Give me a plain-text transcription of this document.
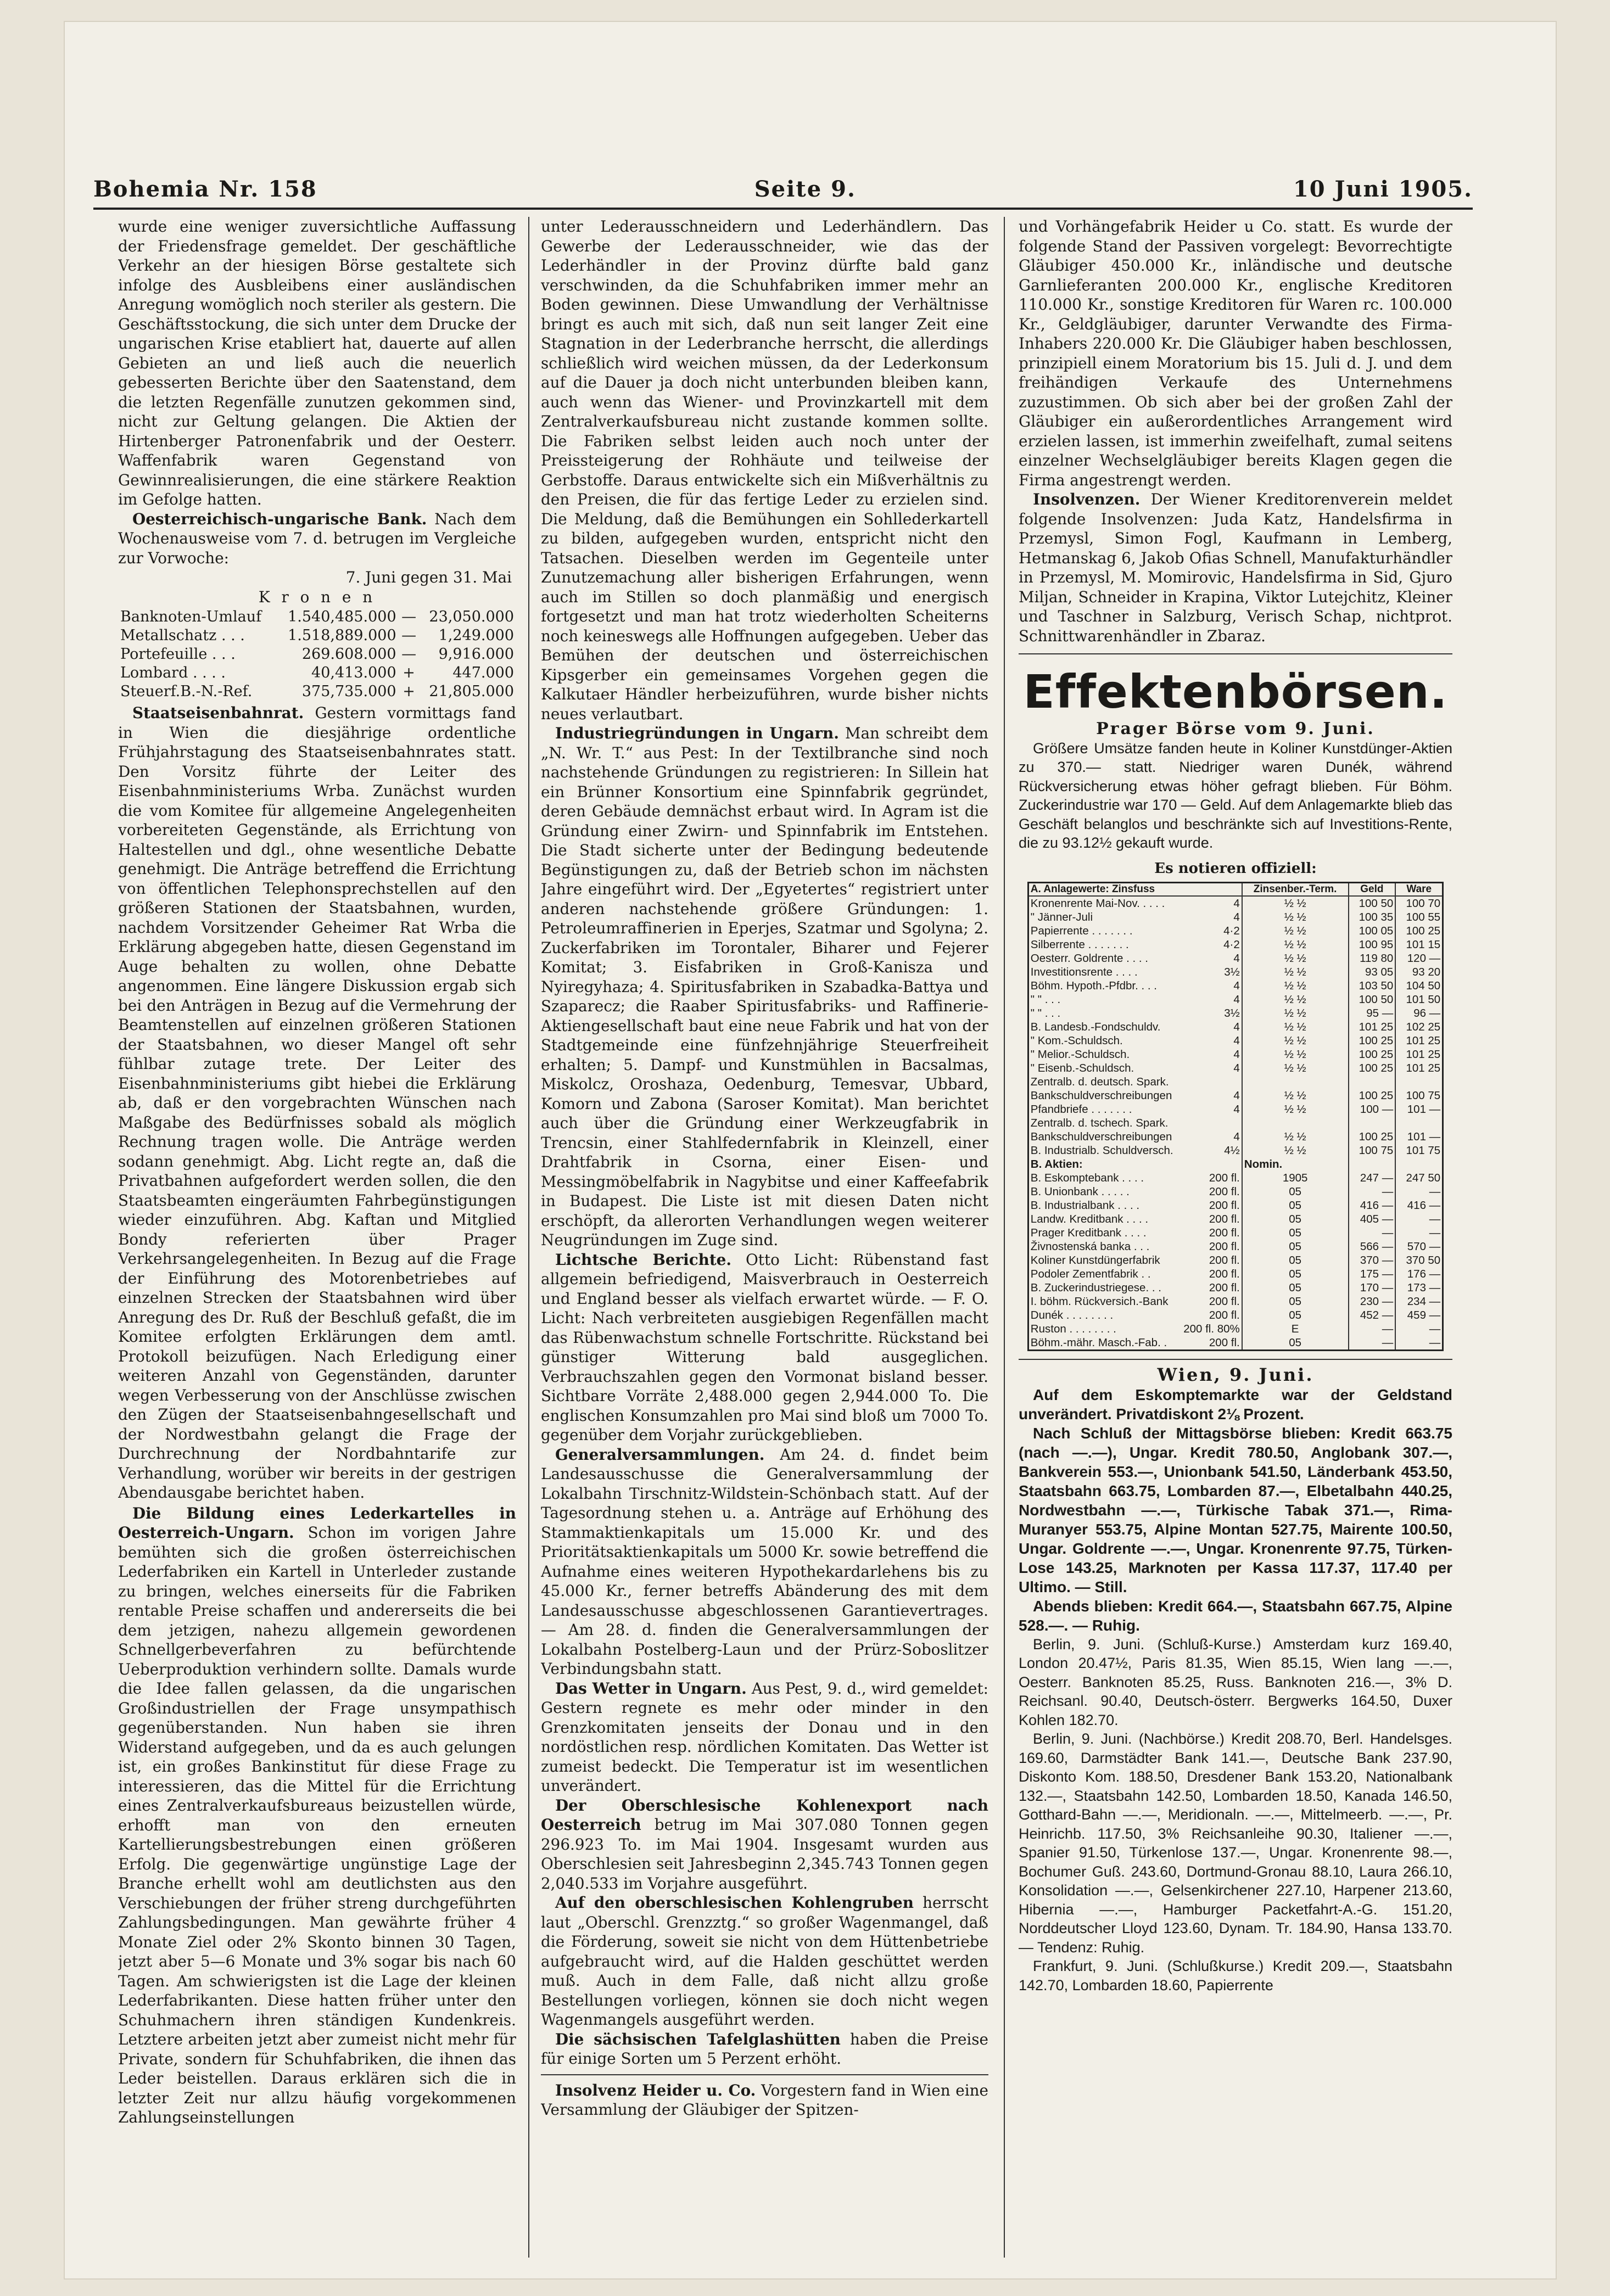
Bohemia Nr. 158	Seite 9.	10 Juni 1905.

wurde eine weniger zuversichtliche Auffassung der Friedensfrage gemeldet. Der geschäftliche Verkehr an der hiesigen Börse gestaltete sich infolge des Ausbleibens einer ausländischen Anregung womöglich noch steriler als gestern. Die Geschäftsstockung, die sich unter dem Drucke der ungarischen Krise etabliert hat, dauerte auf allen Gebieten an und ließ auch die neuerlich gebesserten Berichte über den Saatenstand, dem die letzten Regenfälle zunutzen gekommen sind, nicht zur Geltung gelangen. Die Aktien der Hirtenberger Patronenfabrik und der Oesterr. Waffenfabrik waren Gegenstand von Gewinnrealisierungen, die eine stärkere Reaktion im Gefolge hatten.

Oesterreichisch-ungarische Bank. Nach dem Wochenausweise vom 7. d. betrugen im Vergleiche zur Vorwoche:

7. Juni gegen 31. Mai
K r o n e n
Banknoten-Umlauf	1.540,485.000	—	23,050.000
Metallschatz . . .	1.518,889.000	—	1,249.000
Portefeuille . . .	269.608.000	—	9,916.000
Lombard . . . .	40,413.000	+	447.000
Steuerf.B.-N.-Ref.	375,735.000	+	21,805.000

Staatseisenbahnrat. Gestern vormittags fand in Wien die diesjährige ordentliche Frühjahrstagung des Staatseisenbahnrates statt. Den Vorsitz führte der Leiter des Eisenbahnministeriums Wrba. Zunächst wurden die vom Komitee für allgemeine Angelegenheiten vorbereiteten Gegenstände, als Errichtung von Haltestellen und dgl., ohne wesentliche Debatte genehmigt. Die Anträge betreffend die Errichtung von öffentlichen Telephonsprechstellen auf den größeren Stationen der Staatsbahnen, wurden, nachdem Vorsitzender Geheimer Rat Wrba die Erklärung abgegeben hatte, diesen Gegenstand im Auge behalten zu wollen, ohne Debatte angenommen. Eine längere Diskussion ergab sich bei den Anträgen in Bezug auf die Vermehrung der Beamtenstellen auf einzelnen größeren Stationen der Staatsbahnen, wo dieser Mangel oft sehr fühlbar zutage trete. Der Leiter des Eisenbahnministeriums gibt hiebei die Erklärung ab, daß er den vorgebrachten Wünschen nach Maßgabe des Bedürfnisses sobald als möglich Rechnung tragen wolle. Die Anträge werden sodann genehmigt. Abg. Licht regte an, daß die Privatbahnen aufgefordert werden sollen, die den Staatsbeamten eingeräumten Fahrbegünstigungen wieder einzuführen. Abg. Kaftan und Mitglied Bondy referierten über Prager Verkehrsangelegenheiten. In Bezug auf die Frage der Einführung des Motorenbetriebes auf einzelnen Strecken der Staatsbahnen wird über Anregung des Dr. Ruß der Beschluß gefaßt, die im Komitee erfolgten Erklärungen dem amtl. Protokoll beizufügen. Nach Erledigung einer weiteren Anzahl von Gegenständen, darunter wegen Verbesserung von der Anschlüsse zwischen den Zügen der Staatseisenbahngesellschaft und der Nordwestbahn gelangt die Frage der Durchrechnung der Nordbahntarife zur Verhandlung, worüber wir bereits in der gestrigen Abendausgabe berichtet haben.

Die Bildung eines Lederkartelles in Oesterreich-Ungarn. Schon im vorigen Jahre bemühten sich die großen österreichischen Lederfabriken ein Kartell in Unterleder zustande zu bringen, welches einerseits für die Fabriken rentable Preise schaffen und andererseits die bei dem jetzigen, nahezu allgemein gewordenen Schnellgerbeverfahren zu befürchtende Ueberproduktion verhindern sollte. Damals wurde die Idee fallen gelassen, da die ungarischen Großindustriellen der Frage unsympathisch gegenüberstanden. Nun haben sie ihren Widerstand aufgegeben, und da es auch gelungen ist, ein großes Bankinstitut für diese Frage zu interessieren, das die Mittel für die Errichtung eines Zentralverkaufsbureaus beizustellen würde, erhofft man von den erneuten Kartellierungsbestrebungen einen größeren Erfolg. Die gegenwärtige ungünstige Lage der Branche erhellt wohl am deutlichsten aus den Verschiebungen der früher streng durchgeführten Zahlungsbedingungen. Man gewährte früher 4 Monate Ziel oder 2% Skonto binnen 30 Tagen, jetzt aber 5—6 Monate und 3% sogar bis nach 60 Tagen. Am schwierigsten ist die Lage der kleinen Lederfabrikanten. Diese hatten früher unter den Schuhmachern ihren ständigen Kundenkreis. Letztere arbeiten jetzt aber zumeist nicht mehr für Private, sondern für Schuhfabriken, die ihnen das Leder beistellen. Daraus erklären sich die in letzter Zeit nur allzu häufig vorgekommenen Zahlungseinstellungen

unter Lederausschneidern und Lederhändlern. Das Gewerbe der Lederausschneider, wie das der Lederhändler in der Provinz dürfte bald ganz verschwinden, da die Schuhfabriken immer mehr an Boden gewinnen. Diese Umwandlung der Verhältnisse bringt es auch mit sich, daß nun seit langer Zeit eine Stagnation in der Lederbranche herrscht, die allerdings schließlich wird weichen müssen, da der Lederkonsum auf die Dauer ja doch nicht unterbunden bleiben kann, auch wenn das Wiener- und Provinzkartell mit dem Zentralverkaufsbureau nicht zustande kommen sollte. Die Fabriken selbst leiden auch noch unter der Preissteigerung der Rohhäute und teilweise der Gerbstoffe. Daraus entwickelte sich ein Mißverhältnis zu den Preisen, die für das fertige Leder zu erzielen sind. Die Meldung, daß die Bemühungen ein Sohllederkartell zu bilden, aufgegeben wurden, entspricht nicht den Tatsachen. Dieselben werden im Gegenteile unter Zunutzemachung aller bisherigen Erfahrungen, wenn auch im Stillen so doch planmäßig und energisch fortgesetzt und man hat trotz wiederholten Scheiterns noch keineswegs alle Hoffnungen aufgegeben. Ueber das Bemühen der deutschen und österreichischen Kipsgerber ein gemeinsames Vorgehen gegen die Kalkutaer Händler herbeizuführen, wurde bisher nichts neues verlautbart.

Industriegründungen in Ungarn. Man schreibt dem „N. Wr. T.“ aus Pest: In der Textilbranche sind noch nachstehende Gründungen zu registrieren: In Sillein hat ein Brünner Konsortium eine Spinnfabrik gegründet, deren Gebäude demnächst erbaut wird. In Agram ist die Gründung einer Zwirn- und Spinnfabrik im Entstehen. Die Stadt sicherte unter der Bedingung bedeutende Begünstigungen zu, daß der Betrieb schon im nächsten Jahre eingeführt wird. Der „Egyetertes“ registriert unter anderen nachstehende größere Gründungen: 1. Petroleumraffinerien in Eperjes, Szatmar und Sgolyna; 2. Zuckerfabriken im Torontaler, Biharer und Fejerer Komitat; 3. Eisfabriken in Groß-Kanisza und Nyiregyhaza; 4. Spiritusfabriken in Szabadka-Battya und Szaparecz; die Raaber Spiritusfabriks- und Raffinerie-Aktiengesellschaft baut eine neue Fabrik und hat von der Stadtgemeinde eine fünfzehnjährige Steuerfreiheit erhalten; 5. Dampf- und Kunstmühlen in Bacsalmas, Miskolcz, Oroshaza, Oedenburg, Temesvar, Ubbard, Komorn und Zabona (Saroser Komitat). Man berichtet auch über die Gründung einer Werkzeugfabrik in Trencsin, einer Stahlfedernfabrik in Kleinzell, einer Drahtfabrik in Csorna, einer Eisen- und Messingmöbelfabrik in Nagybitse und einer Kaffeefabrik in Budapest. Die Liste ist mit diesen Daten nicht erschöpft, da allerorten Verhandlungen wegen weiterer Neugründungen im Zuge sind.

Lichtsche Berichte. Otto Licht: Rübenstand fast allgemein befriedigend, Maisverbrauch in Oesterreich und England besser als vielfach erwartet würde. — F. O. Licht: Nach verbreiteten ausgiebigen Regenfällen macht das Rübenwachstum schnelle Fortschritte. Rückstand bei günstiger Witterung bald ausgeglichen. Verbrauchszahlen gegen den Vormonat bisland besser. Sichtbare Vorräte 2,488.000 gegen 2,944.000 To. Die englischen Konsumzahlen pro Mai sind bloß um 7000 To. gegenüber dem Vorjahr zurückgeblieben.

Generalversammlungen. Am 24. d. findet beim Landesausschusse die Generalversammlung der Lokalbahn Tirschnitz-Wildstein-Schönbach statt. Auf der Tagesordnung stehen u. a. Anträge auf Erhöhung des Stammaktienkapitals um 15.000 Kr. und des Prioritätsaktienkapitals um 5000 Kr. sowie betreffend die Aufnahme eines weiteren Hypothekardarlehens bis zu 45.000 Kr., ferner betreffs Abänderung des mit dem Landesausschusse abgeschlossenen Garantievertrages. — Am 28. d. finden die Generalversammlungen der Lokalbahn Postelberg-Laun und der Prürz-Soboslitzer Verbindungsbahn statt.

Das Wetter in Ungarn. Aus Pest, 9. d., wird gemeldet: Gestern regnete es mehr oder minder in den Grenzkomitaten jenseits der Donau und in den nordöstlichen resp. nördlichen Komitaten. Das Wetter ist zumeist bedeckt. Die Temperatur ist im wesentlichen unverändert.

Der Oberschlesische Kohlenexport nach Oesterreich betrug im Mai 307.080 Tonnen gegen 296.923 To. im Mai 1904. Insgesamt wurden aus Oberschlesien seit Jahresbeginn 2,345.743 Tonnen gegen 2,040.533 im Vorjahre ausgeführt.

Auf den oberschlesischen Kohlengruben herrscht laut „Oberschl. Grenzztg.“ so großer Wagenmangel, daß die Förderung, soweit sie nicht von dem Hüttenbetriebe aufgebraucht wird, auf die Halden geschüttet werden muß. Auch in dem Falle, daß nicht allzu große Bestellungen vorliegen, können sie doch nicht wegen Wagenmangels ausgeführt werden.

Die sächsischen Tafelglashütten haben die Preise für einige Sorten um 5 Perzent erhöht.

Insolvenz Heider u. Co. Vorgestern fand in Wien eine Versammlung der Gläubiger der Spitzen-

und Vorhängefabrik Heider u Co. statt. Es wurde der folgende Stand der Passiven vorgelegt: Bevorrechtigte Gläubiger 450.000 Kr., inländische und deutsche Garnlieferanten 200.000 Kr., englische Kreditoren 110.000 Kr., sonstige Kreditoren für Waren rc. 100.000 Kr., Geldgläubiger, darunter Verwandte des Firma-Inhabers 220.000 Kr. Die Gläubiger haben beschlossen, prinzipiell einem Moratorium bis 15. Juli d. J. und dem freihändigen Verkaufe des Unternehmens zuzustimmen. Ob sich aber bei der großen Zahl der Gläubiger ein außerordentliches Arrangement wird erzielen lassen, ist immerhin zweifelhaft, zumal seitens einzelner Wechselgläubiger bereits Klagen gegen die Firma angestrengt werden.

Insolvenzen. Der Wiener Kreditorenverein meldet folgende Insolvenzen: Juda Katz, Handelsfirma in Przemysl, Simon Fogl, Kaufmann in Lemberg, Hetmanskag 6, Jakob Ofias Schnell, Manufakturhändler in Przemysl, M. Momirovic, Handelsfirma in Sid, Gjuro Miljan, Schneider in Krapina, Viktor Lutejchitz, Kleiner und Taschner in Salzburg, Verisch Schap, nichtprot. Schnittwarenhändler in Zbaraz.

Effektenbörsen.
Prager Börse vom 9. Juni.

Größere Umsätze fanden heute in Koliner Kunstdünger-Aktien zu 370.— statt. Niedriger waren Dunék, während Rückversicherung etwas höher gefragt blieben. Für Böhm. Zuckerindustrie war 170 — Geld. Auf dem Anlagemarkte blieb das Geschäft belanglos und beschränkte sich auf Investitions-Rente, die zu 93.12½ gekauft wurde.

Es notieren offiziell:
A. Anlagewerte: Zinsfuss	Zinsenber.-Term.	Geld	Ware
Kronenrente Mai-Nov. . . . . 4	½ ½	100 50	100 70
" Jänner-Juli 4	½ ½	100 35	100 55
Papierrente . . . . . . . 4·2	½ ½	100 05	100 25
Silberrente . . . . . . . 4·2	½ ½	100 95	101 15
Oesterr. Goldrente . . . . 4	½ ½	119 80	120 —
Investitionsrente . . . . 3½	½ ½	93 05	93 20
Böhm. Hypoth.-Pfdbr. . . . 4	½ ½	103 50	104 50
" " . . . 4	½ ½	100 50	101 50
" " . . . 3½	½ ½	95 —	96 —
B. Landesb.-Fondschuldv. 4	½ ½	101 25	102 25
" Kom.-Schuldsch. 4	½ ½	100 25	101 25
" Melior.-Schuldsch. 4	½ ½	100 25	101 25
" Eisenb.-Schuldsch. 4	½ ½	100 25	101 25
Zentralb. d. deutsch. Spark.

Bankschuldverschreibungen 4	½ ½	100 25	100 75
Pfandbriefe . . . . . . . 4	½ ½	100 —	101 —
Zentralb. d. tschech. Spark.

Bankschuldverschreibungen 4	½ ½	100 25	101 —
B. Industrialb. Schuldversch. 4½	½ ½	100 75	101 75
B. Aktien:	Nomin.		
B. Eskomptebank . . . . 200 fl.	1905	247 —	247 50
B. Unionbank . . . . . 200 fl.	05	—	—
B. Industrialbank . . . . 200 fl.	05	416 —	416 —
Landw. Kreditbank . . . . 200 fl.	05	405 —	—
Prager Kreditbank . . . . 200 fl.	05	—	—
Živnostenská banka . . . 200 fl.	05	566 —	570 —
Koliner Kunstdüngerfabrik 200 fl.	05	370 —	370 50
Podoler Zementfabrik . . 200 fl.	05	175 —	176 —
B. Zuckerindustriegese. . . 200 fl.	05	170 —	173 —
I. böhm. Rückversich.-Bank 200 fl.	05	230 —	234 —
Dunék . . . . . . . . 200 fl.	05	452 —	459 —
Ruston . . . . . . . . 200 fl. 80%	E	—	—
Böhm.-mähr. Masch.-Fab. . 200 fl.	05	—	—
Wien, 9. Juni.

Auf dem Eskomptemarkte war der Geldstand unverändert. Privatdiskont 2⅛ Prozent.

Nach Schluß der Mittagsbörse blieben: Kredit 663.75 (nach —.—), Ungar. Kredit 780.50, Anglobank 307.—, Bankverein 553.—, Unionbank 541.50, Länderbank 453.50, Staatsbahn 663.75, Lombarden 87.—, Elbetalbahn 440.25, Nordwestbahn —.—, Türkische Tabak 371.—, Rima-Muranyer 553.75, Alpine Montan 527.75, Mairente 100.50, Ungar. Goldrente —.—, Ungar. Kronenrente 97.75, Türken-Lose 143.25, Marknoten per Kassa 117.37, 117.40 per Ultimo. — Still.

Abends blieben: Kredit 664.—, Staatsbahn 667.75, Alpine 528.—. — Ruhig.

Berlin, 9. Juni. (Schluß-Kurse.) Amsterdam kurz 169.40, London 20.47½, Paris 81.35, Wien 85.15, Wien lang —.—, Oesterr. Banknoten 85.25, Russ. Banknoten 216.—, 3% D. Reichsanl. 90.40, Deutsch-österr. Bergwerks 164.50, Duxer Kohlen 182.70.

Berlin, 9. Juni. (Nachbörse.) Kredit 208.70, Berl. Handelsges. 169.60, Darmstädter Bank 141.—, Deutsche Bank 237.90, Diskonto Kom. 188.50, Dresdener Bank 153.20, Nationalbank 132.—, Staatsbahn 142.50, Lombarden 18.50, Kanada 146.50, Gotthard-Bahn —.—, Meridionaln. —.—, Mittelmeerb. —.—, Pr. Heinrichb. 117.50, 3% Reichsanleihe 90.30, Italiener —.—, Spanier 91.50, Türkenlose 137.—, Ungar. Kronenrente 98.—, Bochumer Guß. 243.60, Dortmund-Gronau 88.10, Laura 266.10, Konsolidation —.—, Gelsenkirchener 227.10, Harpener 213.60, Hibernia —.—, Hamburger Packetfahrt-A.-G. 151.20, Norddeutscher Lloyd 123.60, Dynam. Tr. 184.90, Hansa 133.70. — Tendenz: Ruhig.

Frankfurt, 9. Juni. (Schlußkurse.) Kredit 209.—, Staatsbahn 142.70, Lombarden 18.60, Papierrente
